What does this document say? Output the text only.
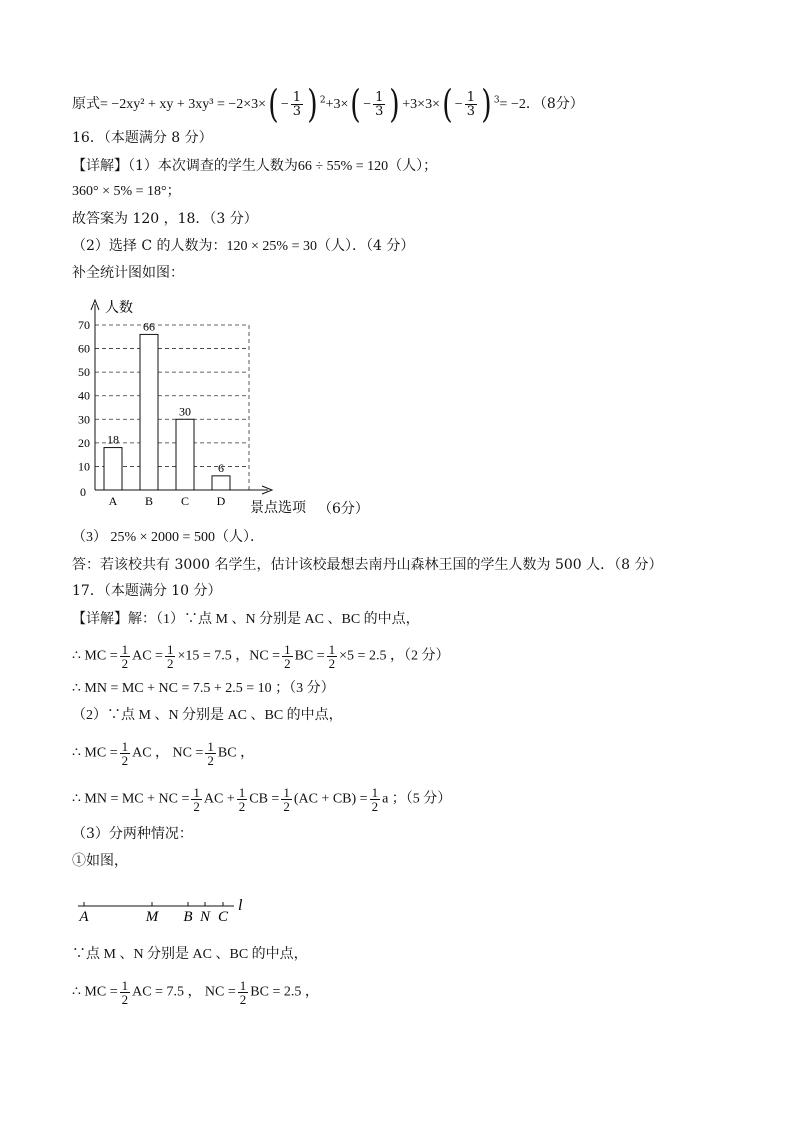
原式= −2xy² + xy + $3xy^3 = -2\times 3\times( - \frac{1}{3}$ ) $^2+3\times( - \frac{1}{3}$ ) $+3\times 3\times( - \frac{1}{3}$ ) $^3$= −2．（8分）
16．（本题满分 8 分）
【详解】（1）本次调查的学生人数为66 ÷ 55% = 120（人）；
360° × 5% = 18°；
故答案为 120 ，18．（3 分）
（2）选择 C 的人数为：120 × 25% = 30（人）．（4 分）
补全统计图如图：
0
10
20
30
40
50
60
70
人数
景点选项
18
A
66
B
30
C
6
D	（6分）
（3） 25% × 2000 = 500（人）．
答：若该校共有 3000 名学生，估计该校最想去南丹山森林王国的学生人数为 500 人．（8 分）
17．（本题满分 10 分）
【详解】解：（1）∵点 M 、N 分别是 AC 、BC 的中点，
∴ MC = $\frac{1}{2}$ AC = $\frac{1}{2} \times 15 = 7.5$ ，NC = $\frac{1}{2}$ BC = $\frac{1}{2} \times 5 = 2.5$ ，（2 分）
∴ MN = MC + NC = 7.5 + 2.5 = 10 ；（3 分）
（2）∵点 M 、N 分别是 AC 、BC 的中点，
∴ MC = $\frac{1}{2}$ AC ， NC = $\frac{1}{2}$ BC ，
∴ MN = MC + NC = $\frac{1}{2}$ AC + $\frac{1}{2}$ CB = $\frac{1}{2} (AC + CB) = \frac{1}{2}$ a ；（5 分）
（3）分两种情况：
①如图，
A	M B N C
l
∵点 M 、N 分别是 AC 、BC 的中点，
∴ MC = $\frac{1}{2}$ AC = 7.5 ， NC = $\frac{1}{2}$ BC = 2.5 ，
